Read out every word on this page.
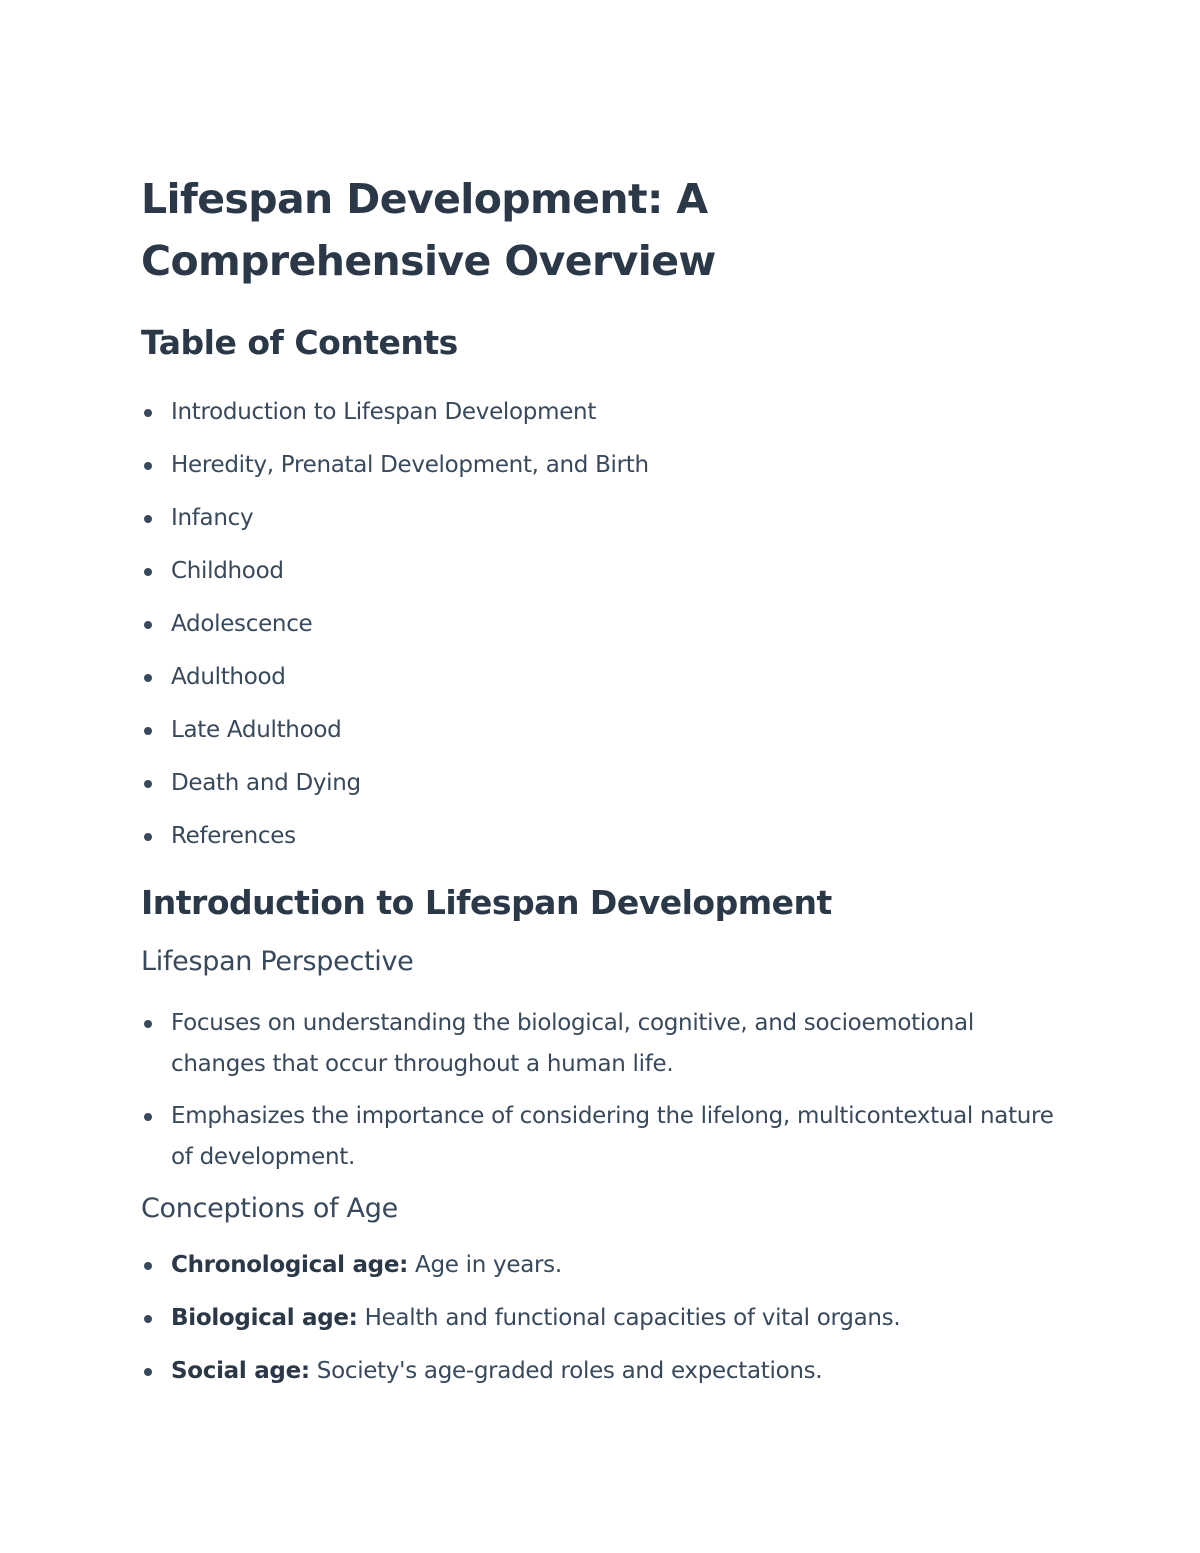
Lifespan Development: A Comprehensive Overview
Table of Contents
Introduction to Lifespan Development
Heredity, Prenatal Development, and Birth
Infancy
Childhood
Adolescence
Adulthood
Late Adulthood
Death and Dying
References
Introduction to Lifespan Development
Lifespan Perspective
Focuses on understanding the biological, cognitive, and socioemotional changes that occur throughout a human life.
Emphasizes the importance of considering the lifelong, multicontextual nature of development.
Conceptions of Age
Chronological age: Age in years.
Biological age: Health and functional capacities of vital organs.
Social age: Society's age-graded roles and expectations.
